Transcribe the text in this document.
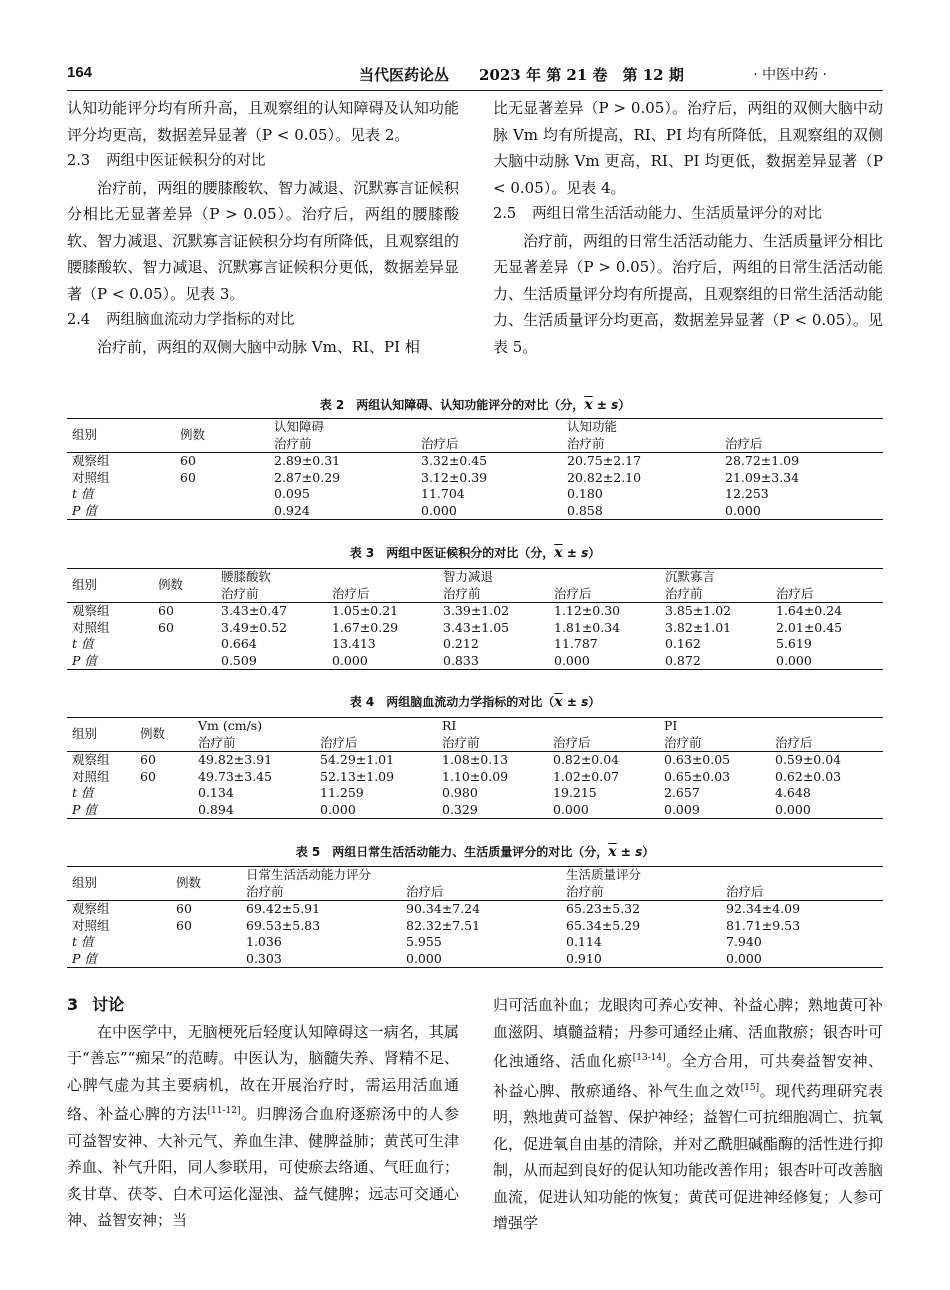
164	当代医药论丛　　2023 年 第 21 卷　第 12 期	· 中医中药 ·

认知功能评分均有所升高，且观察组的认知障碍及认知功能评分均更高，数据差异显著（P < 0.05）。见表 2。

2.3 两组中医证候积分的对比

治疗前，两组的腰膝酸软、智力减退、沉默寡言证候积分相比无显著差异（P > 0.05）。治疗后，两组的腰膝酸软、智力减退、沉默寡言证候积分均有所降低，且观察组的腰膝酸软、智力减退、沉默寡言证候积分更低，数据差异显著（P < 0.05）。见表 3。

2.4 两组脑血流动力学指标的对比

治疗前，两组的双侧大脑中动脉 Vm、RI、PI 相

比无显著差异（P > 0.05）。治疗后，两组的双侧大脑中动脉 Vm 均有所提高，RI、PI 均有所降低，且观察组的双侧大脑中动脉 Vm 更高，RI、PI 均更低，数据差异显著（P < 0.05）。见表 4。

2.5 两组日常生活活动能力、生活质量评分的对比

治疗前，两组的日常生活活动能力、生活质量评分相比无显著差异（P > 0.05）。治疗后，两组的日常生活活动能力、生活质量评分均有所提高，且观察组的日常生活活动能力、生活质量评分均更高，数据差异显著（P < 0.05）。见表 5。

表 2　两组认知障碍、认知功能评分的对比（分，$\overline{x} \pm s$）
组别	例数	认知障碍		认知功能	
		治疗前	治疗后	治疗前	治疗后
观察组	60	2.89±0.31	3.32±0.45	20.75±2.17	28.72±1.09
对照组	60	2.87±0.29	3.12±0.39	20.82±2.10	21.09±3.34
t 值		0.095	11.704	0.180	12.253
P 值		0.924	0.000	0.858	0.000
表 3　两组中医证候积分的对比（分，$\overline{x} \pm s$）
组别	例数	腰膝酸软		智力减退		沉默寡言	
		治疗前	治疗后	治疗前	治疗后	治疗前	治疗后
观察组	60	3.43±0.47	1.05±0.21	3.39±1.02	1.12±0.30	3.85±1.02	1.64±0.24
对照组	60	3.49±0.52	1.67±0.29	3.43±1.05	1.81±0.34	3.82±1.01	2.01±0.45
t 值		0.664	13.413	0.212	11.787	0.162	5.619
P 值		0.509	0.000	0.833	0.000	0.872	0.000
表 4　两组脑血流动力学指标的对比$(\overline{x} \pm s)$
组别	例数	Vm (cm/s)		RI		PI	
		治疗前	治疗后	治疗前	治疗后	治疗前	治疗后
观察组	60	49.82±3.91	54.29±1.01	1.08±0.13	0.82±0.04	0.63±0.05	0.59±0.04
对照组	60	49.73±3.45	52.13±1.09	1.10±0.09	1.02±0.07	0.65±0.03	0.62±0.03
t 值		0.134	11.259	0.980	19.215	2.657	4.648
P 值		0.894	0.000	0.329	0.000	0.009	0.000
表 5　两组日常生活活动能力、生活质量评分的对比（分，$\overline{x} \pm s$）
组别	例数	日常生活活动能力评分		生活质量评分	
		治疗前	治疗后	治疗前	治疗后
观察组	60	69.42±5.91	90.34±7.24	65.23±5.32	92.34±4.09
对照组	60	69.53±5.83	82.32±7.51	65.34±5.29	81.71±9.53
t 值		1.036	5.955	0.114	7.940
P 值		0.303	0.000	0.910	0.000

3 讨论

在中医学中，无脑梗死后轻度认知障碍这一病名，其属于“善忘”“痴呆”的范畴。中医认为，脑髓失养、肾精不足、心脾气虚为其主要病机，故在开展治疗时，需运用活血通络、补益心脾的方法[11-12]。归脾汤合血府逐瘀汤中的人参可益智安神、大补元气、养血生津、健脾益肺；黄芪可生津养血、补气升阳，同人参联用，可使瘀去络通、气旺血行；炙甘草、茯苓、白术可运化湿浊、益气健脾；远志可交通心神、益智安神；当

归可活血补血；龙眼肉可养心安神、补益心脾；熟地黄可补血滋阴、填髓益精；丹参可通经止痛、活血散瘀；银杏叶可化浊通络、活血化瘀[13-14]。全方合用，可共奏益智安神、补益心脾、散瘀通络、补气生血之效[15]。现代药理研究表明，熟地黄可益智、保护神经；益智仁可抗细胞凋亡、抗氧化，促进氧自由基的清除，并对乙酰胆碱酯酶的活性进行抑制，从而起到良好的促认知功能改善作用；银杏叶可改善脑血流，促进认知功能的恢复；黄芪可促进神经修复；人参可增强学
